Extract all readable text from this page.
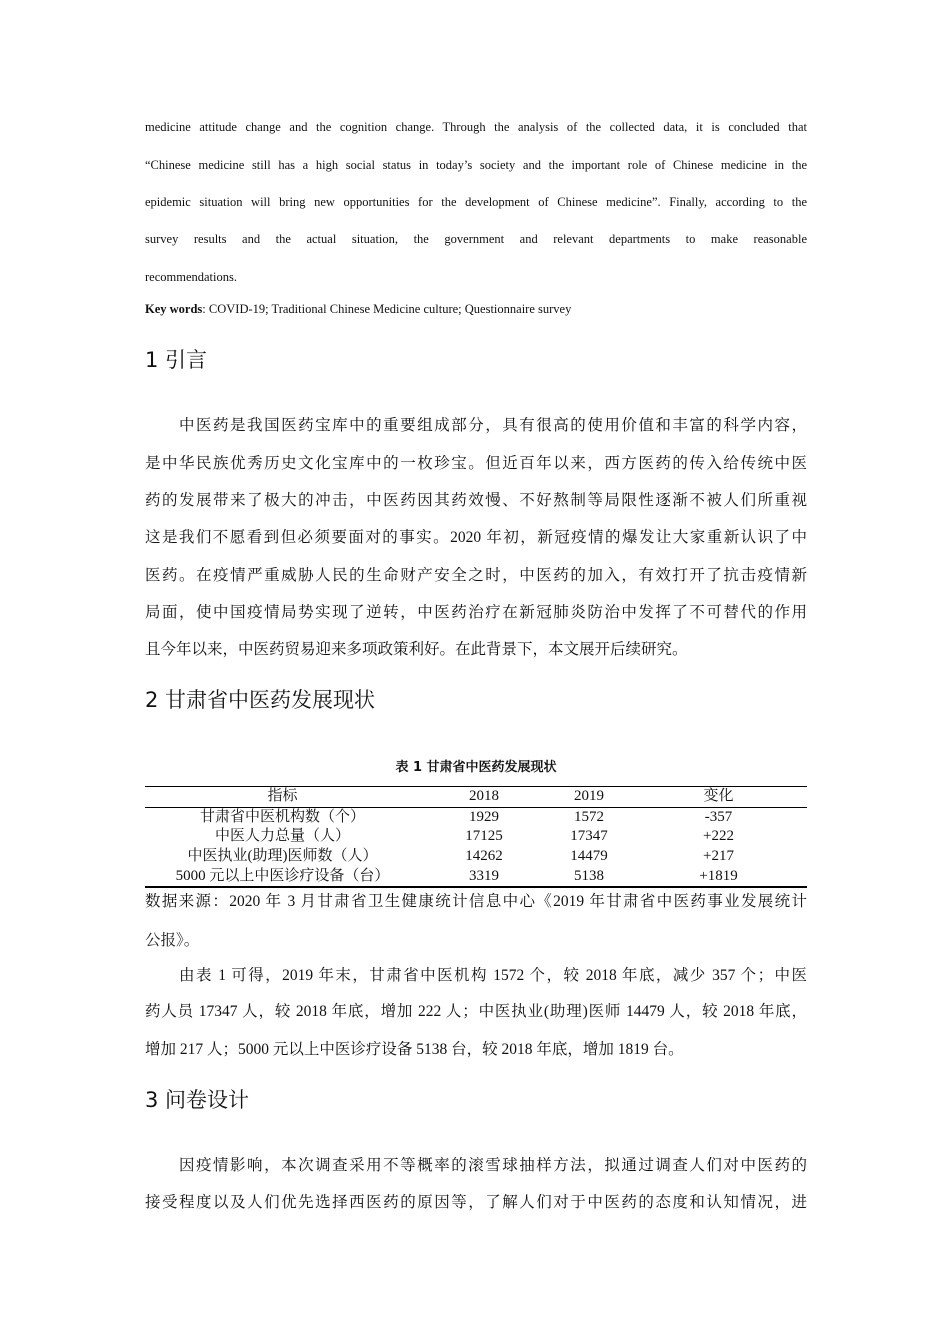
medicine attitude change and the cognition change. Through the analysis of the collected data, it is concluded that
“Chinese medicine still has a high social status in today’s society and the important role of Chinese medicine in the
epidemic situation will bring new opportunities for the development of Chinese medicine”. Finally, according to the
survey results and the actual situation, the government and relevant departments to make reasonable
recommendations.
Key words: COVID-19; Traditional Chinese Medicine culture; Questionnaire survey
1 引言
中医药是我国医药宝库中的重要组成部分，具有很高的使用价值和丰富的科学内容，
是中华民族优秀历史文化宝库中的一枚珍宝。但近百年以来，西方医药的传入给传统中医
药的发展带来了极大的冲击，中医药因其药效慢、不好熬制等局限性逐渐不被人们所重视
这是我们不愿看到但必须要面对的事实。2020 年初，新冠疫情的爆发让大家重新认识了中
医药。在疫情严重威胁人民的生命财产安全之时，中医药的加入，有效打开了抗击疫情新
局面，使中国疫情局势实现了逆转，中医药治疗在新冠肺炎防治中发挥了不可替代的作用
且今年以来，中医药贸易迎来多项政策利好。在此背景下，本文展开后续研究。
2 甘肃省中医药发展现状
表 1 甘肃省中医药发展现状
指标	2018	2019	变化
甘肃省中医机构数（个）	1929	1572	-357
中医人力总量（人）	17125	17347	+222
中医执业(助理)医师数（人）	14262	14479	+217
5000 元以上中医诊疗设备（台）	3319	5138	+1819
数据来源：2020 年 3 月甘肃省卫生健康统计信息中心《2019 年甘肃省中医药事业发展统计
公报》。
由表 1 可得，2019 年末，甘肃省中医机构 1572 个，较 2018 年底，减少 357 个；中医
药人员 17347 人，较 2018 年底，增加 222 人；中医执业(助理)医师 14479 人，较 2018 年底，
增加 217 人；5000 元以上中医诊疗设备 5138 台，较 2018 年底，增加 1819 台。
3 问卷设计
因疫情影响，本次调查采用不等概率的滚雪球抽样方法，拟通过调查人们对中医药的
接受程度以及人们优先选择西医药的原因等，了解人们对于中医药的态度和认知情况，进
